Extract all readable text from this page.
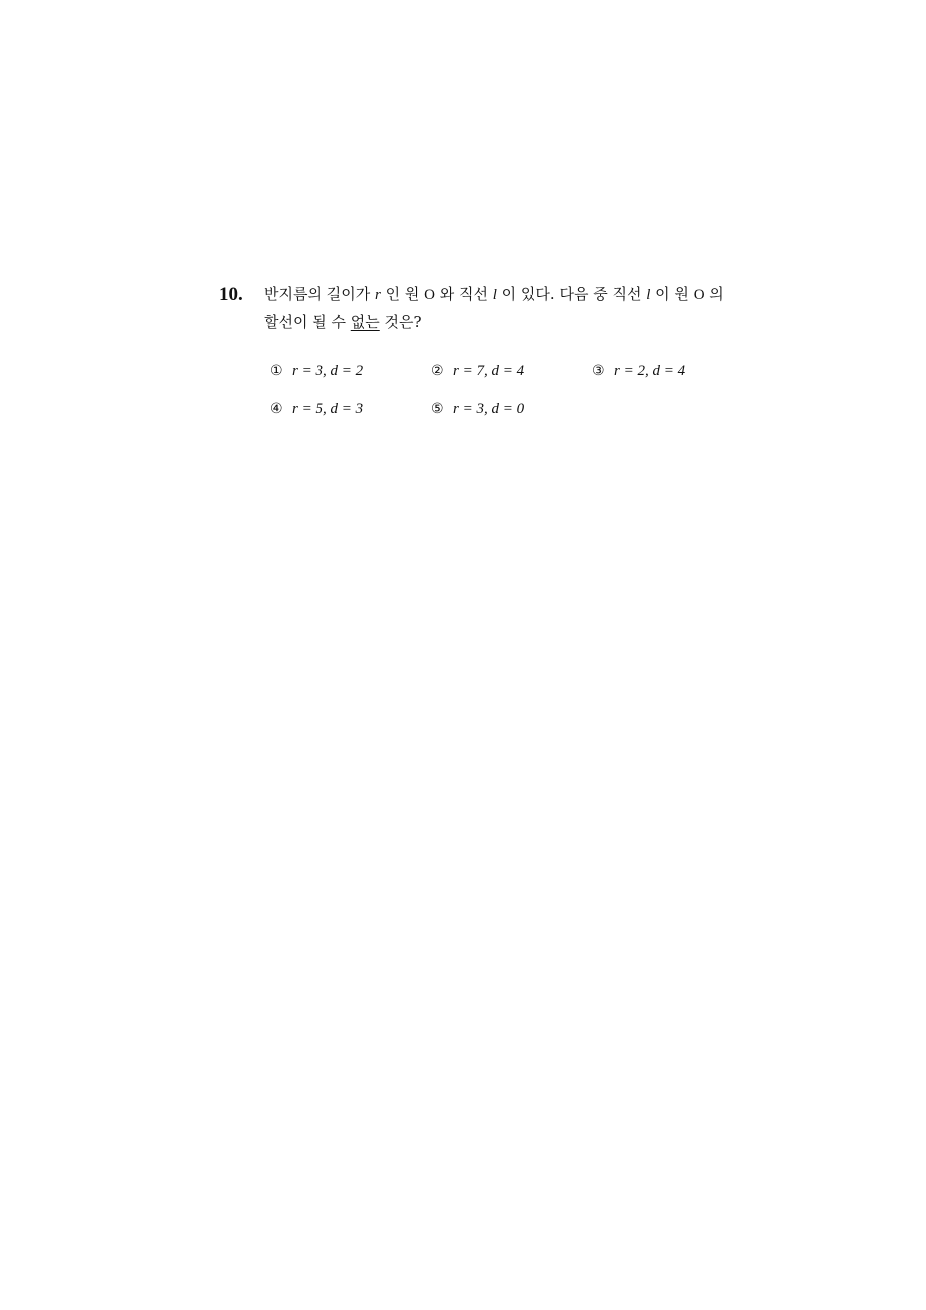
10. 반지름의 길이가 r 인 원 O 와 직선 l 이 있다. 다음 중 직선 l 이 원 O 의
할선이 될 수 없는 것은?
① r = 3, d = 2	② r = 7, d = 4	③ r = 2, d = 4
④ r = 5, d = 3	⑤ r = 3, d = 0
